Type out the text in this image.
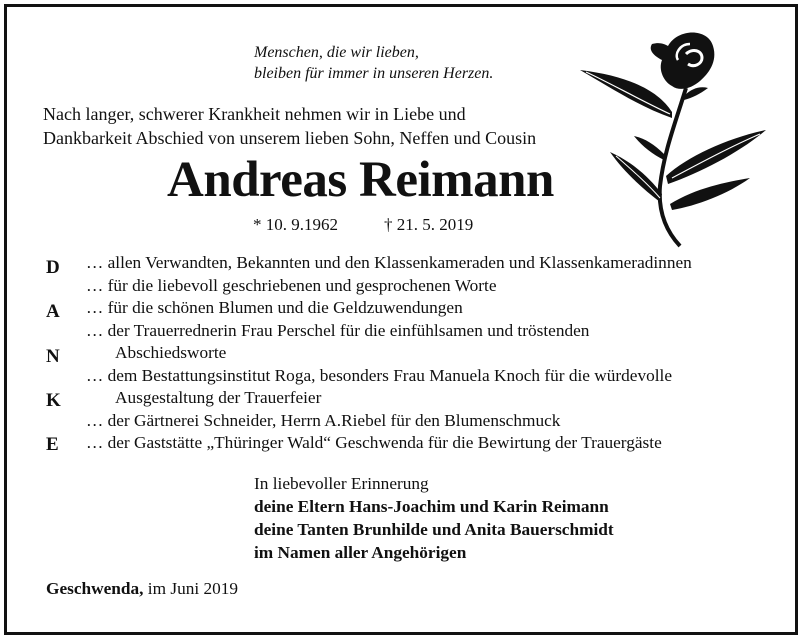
Menschen, die wir lieben,
bleiben für immer in unseren Herzen.
Nach langer, schwerer Krankheit nehmen wir in Liebe und
Dankbarkeit Abschied von unserem lieben Sohn, Neffen und Cousin
Andreas Reimann
* 10. 9.1962	† 21. 5. 2019
D
A
N
K
E
… allen Verwandten, Bekannten und den Klassenkameraden und Klassenkameradinnen
… für die liebevoll geschriebenen und gesprochenen Worte
… für die schönen Blumen und die Geldzuwendungen
… der Trauerrednerin Frau Perschel für die einfühlsamen und tröstenden
Abschiedsworte
… dem Bestattungsinstitut Roga, besonders Frau Manuela Knoch für die würdevolle
Ausgestaltung der Trauerfeier
… der Gärtnerei Schneider, Herrn A.Riebel für den Blumenschmuck
… der Gaststätte „Thüringer Wald“ Geschwenda für die Bewirtung der Trauergäste
In liebevoller Erinnerung
deine Eltern Hans-Joachim und Karin Reimann
deine Tanten Brunhilde und Anita Bauerschmidt
im Namen aller Angehörigen
Geschwenda, im Juni 2019
